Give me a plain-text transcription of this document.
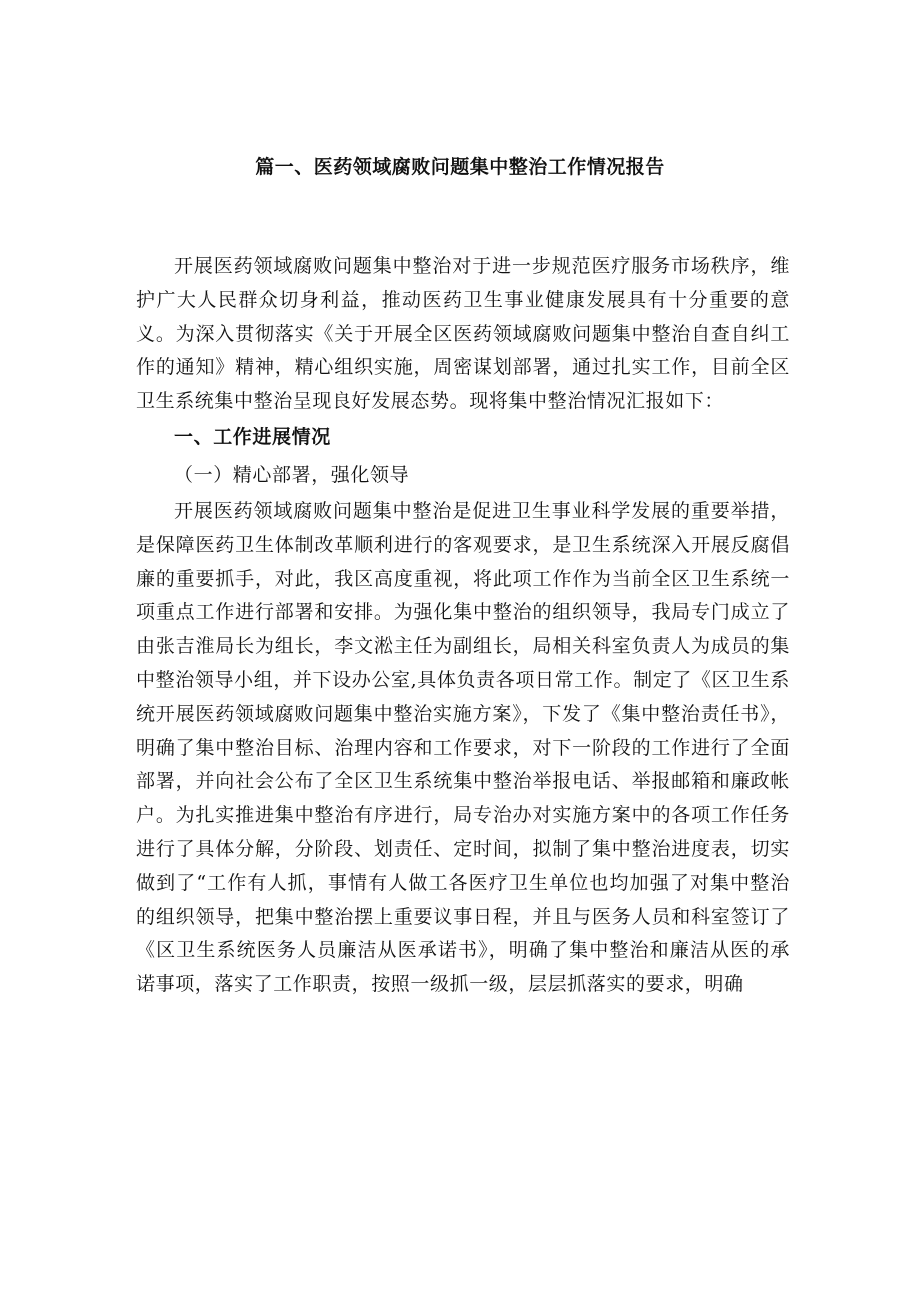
篇一、医药领域腐败问题集中整治工作情况报告

开展医药领域腐败问题集中整治对于进一步规范医疗服务市场秩序，维护广大人民群众切身利益，推动医药卫生事业健康发展具有十分重要的意义。为深入贯彻落实《关于开展全区医药领域腐败问题集中整治自查自纠工作的通知》精神，精心组织实施，周密谋划部署，通过扎实工作，目前全区卫生系统集中整治呈现良好发展态势。现将集中整治情况汇报如下：

一、工作进展情况

（一）精心部署，强化领导

开展医药领域腐败问题集中整治是促进卫生事业科学发展的重要举措，是保障医药卫生体制改革顺利进行的客观要求，是卫生系统深入开展反腐倡廉的重要抓手，对此，我区高度重视，将此项工作作为当前全区卫生系统一项重点工作进行部署和安排。为强化集中整治的组织领导，我局专门成立了由张吉淮局长为组长，李文淞主任为副组长，局相关科室负责人为成员的集中整治领导小组，并下设办公室,具体负责各项日常工作。制定了《区卫生系统开展医药领域腐败问题集中整治实施方案》，下发了《集中整治责任书》，明确了集中整治目标、治理内容和工作要求，对下一阶段的工作进行了全面部署，并向社会公布了全区卫生系统集中整治举报电话、举报邮箱和廉政帐户。为扎实推进集中整治有序进行，局专治办对实施方案中的各项工作任务进行了具体分解，分阶段、划责任、定时间，拟制了集中整治进度表，切实做到了“工作有人抓，事情有人做工各医疗卫生单位也均加强了对集中整治的组织领导，把集中整治摆上重要议事日程，并且与医务人员和科室签订了《区卫生系统医务人员廉洁从医承诺书》，明确了集中整治和廉洁从医的承诺事项，落实了工作职责，按照一级抓一级，层层抓落实的要求，明确
